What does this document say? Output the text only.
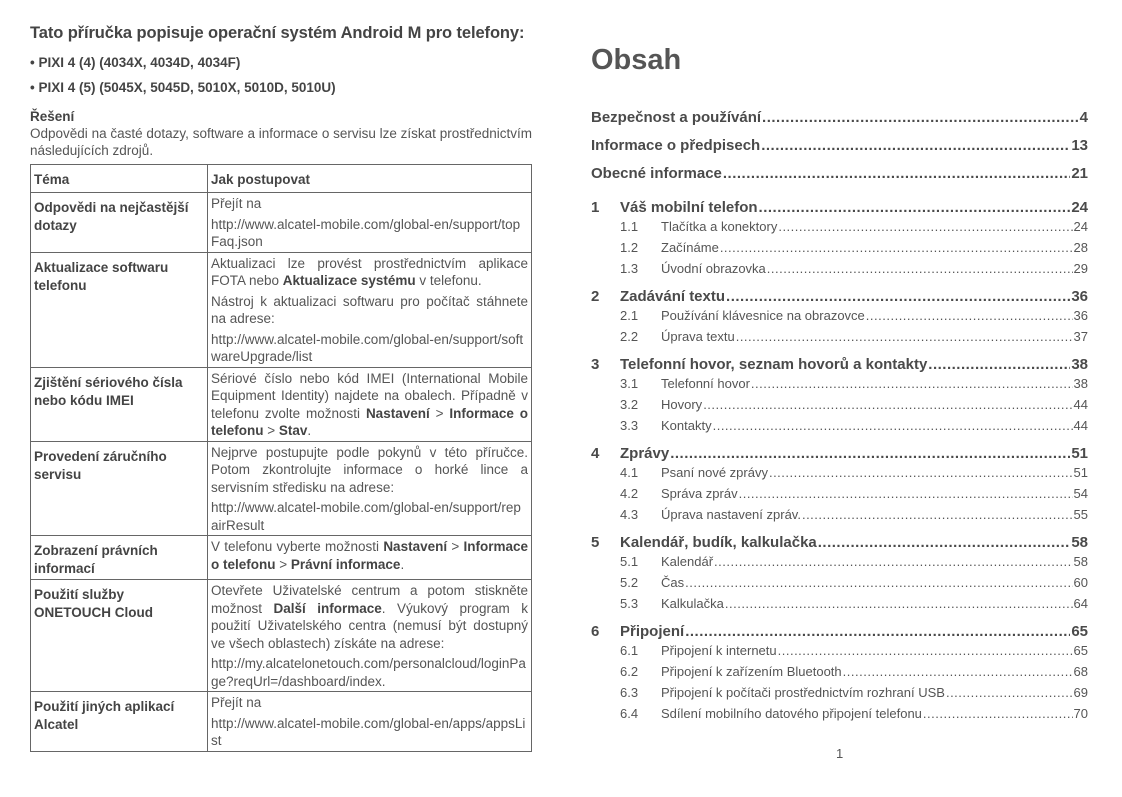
Tato příručka popisuje operační systém Android M pro telefony:
• PIXI 4 (4) (4034X, 4034D, 4034F)
• PIXI 4 (5) (5045X, 5045D, 5010X, 5010D, 5010U)
Řešení
Odpovědi na časté dotazy, software a informace o servisu lze získat prostřednictvím následujících zdrojů.
Téma	Jak postupovat
Odpovědi na nejčastější dotazy	Přejít na

http://www.alcatel-mobile.com/global-en/support/topFaq.json

Aktualizace softwaru telefonu	Aktualizaci lze provést prostřednictvím aplikace FOTA nebo Aktualizace systému v telefonu.

Nástroj k aktualizaci softwaru pro počítač stáhnete na adrese:

http://www.alcatel-mobile.com/global-en/support/softwareUpgrade/list

Zjištění sériového čísla nebo kódu IMEI	Sériové číslo nebo kód IMEI (International Mobile Equipment Identity) najdete na obalech. Případně v telefonu zvolte možnosti Nastavení > Informace o telefonu > Stav.

Provedení záručního servisu	Nejprve postupujte podle pokynů v této příručce. Potom zkontrolujte informace o horké lince a servisním středisku na adrese:

http://www.alcatel-mobile.com/global-en/support/repairResult

Zobrazení právních informací	V telefonu vyberte možnosti Nastavení > Informace o telefonu > Právní informace.

Použití služby ONETOUCH Cloud	Otevřete Uživatelské centrum a potom stiskněte možnost Další informace. Výukový program k použití Uživatelského centra (nemusí být dostupný ve všech oblastech) získáte na adrese:

http://my.alcatelonetouch.com/personalcloud/loginPage?reqUrl=/dashboard/index.

Použití jiných aplikací Alcatel	Přejít na

http://www.alcatel-mobile.com/global-en/apps/appsList

Obsah
Bezpečnost a používání .....	4
Informace o předpisech .....	13
Obecné informace .....	21
1	Váš mobilní telefon .....	24
1.1	Tlačítka a konektory .....	24
1.2	Začínáme .....	28
1.3	Úvodní obrazovka .....	29
2	Zadávání textu .....	36
2.1	Používání klávesnice na obrazovce .....	36
2.2	Úprava textu .....	37
3	Telefonní hovor, seznam hovorů a kontakty .....	38
3.1	Telefonní hovor .....	38
3.2	Hovory .....	44
3.3	Kontakty .....	44
4	Zprávy .....	51
4.1	Psaní nové zprávy .....	51
4.2	Správa zpráv .....	54
4.3	Úprava nastavení zpráv. .....	55
5	Kalendář, budík, kalkulačka .....	58
5.1	Kalendář .....	58
5.2	Čas .....	60
5.3	Kalkulačka .....	64
6	Připojení .....	65
6.1	Připojení k internetu .....	65
6.2	Připojení k zařízením Bluetooth .....	68
6.3	Připojení k počítači prostřednictvím rozhraní USB .....	69
6.4	Sdílení mobilního datového připojení telefonu .....	70
1
